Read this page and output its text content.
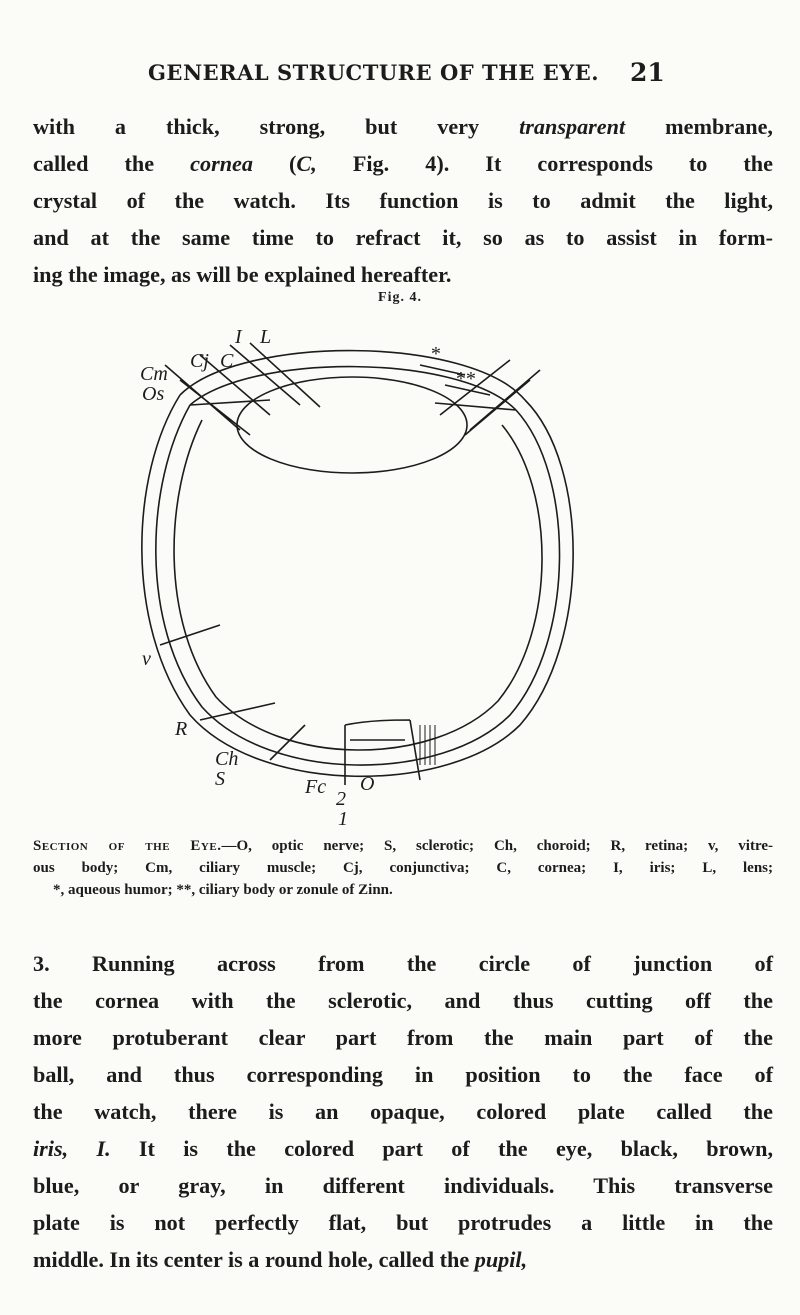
GENERAL STRUCTURE OF THE EYE. 21

with a thick, strong, but very transparent membrane,
called the cornea (C, Fig. 4). It corresponds to the
crystal of the watch. Its function is to admit the light,
and at the same time to refract it, so as to assist in form-
ing the image, as will be explained hereafter.

Fig. 4.
I L
Cj C
Cm
Os
*
**
v
R
Ch
S	Fc O
2
1
Section of the Eye.—O, optic nerve; S, sclerotic; Ch, choroid; R, retina; v, vitre-
ous body; Cm, ciliary muscle; Cj, conjunctiva; C, cornea; I, iris; L, lens;
*, aqueous humor; **, ciliary body or zonule of Zinn.

3. Running across from the circle of junction of
the cornea with the sclerotic, and thus cutting off the
more protuberant clear part from the main part of the
ball, and thus corresponding in position to the face of
the watch, there is an opaque, colored plate called the
iris, I. It is the colored part of the eye, black, brown,
blue, or gray, in different individuals. This transverse
plate is not perfectly flat, but protrudes a little in the
middle. In its center is a round hole, called the pupil,
